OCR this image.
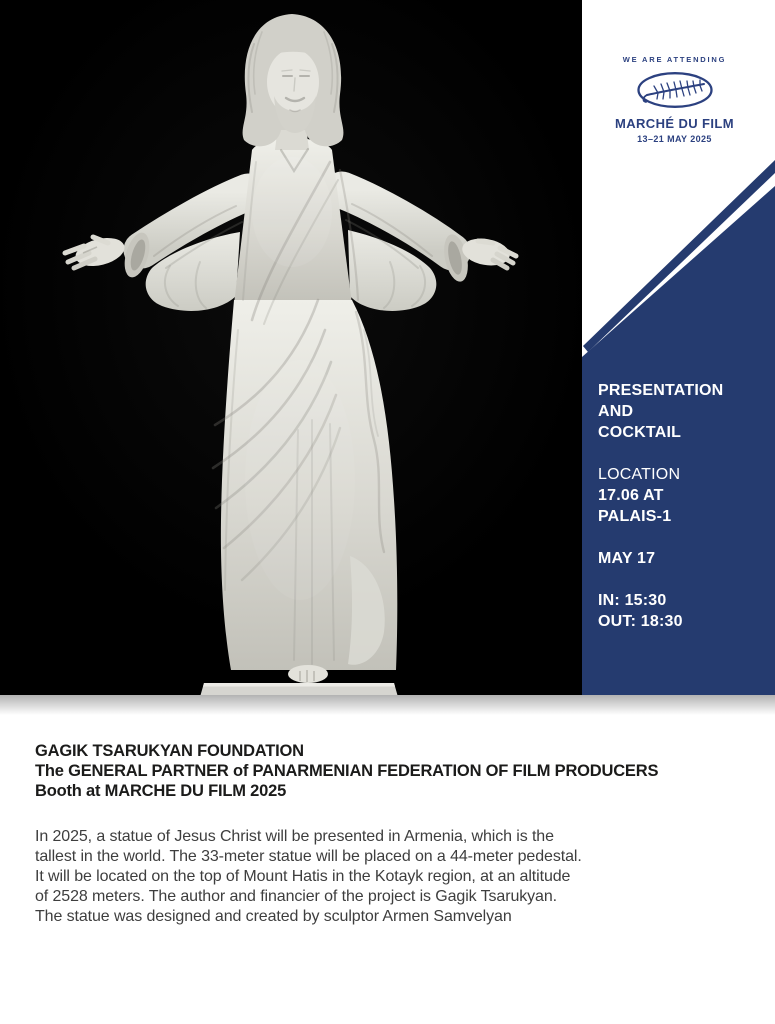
WE ARE ATTENDING
MARCHÉ DU FILM
13–21 MAY 2025
PRESENTATION
AND
COCKTAIL
LOCATION
17.06 AT
PALAIS-1
MAY 17
IN: 15:30
OUT: 18:30
GAGIK TSARUKYAN FOUNDATION
The GENERAL PARTNER of PANARMENIAN FEDERATION OF FILM PRODUCERS
Booth at MARCHE DU FILM 2025
In 2025, a statue of Jesus Christ will be presented in Armenia, which is the
tallest in the world. The 33-meter statue will be placed on a 44-meter pedestal.
It will be located on the top of Mount Hatis in the Kotayk region, at an altitude
of 2528 meters. The author and financier of the project is Gagik Tsarukyan.
The statue was designed and created by sculptor Armen Samvelyan
